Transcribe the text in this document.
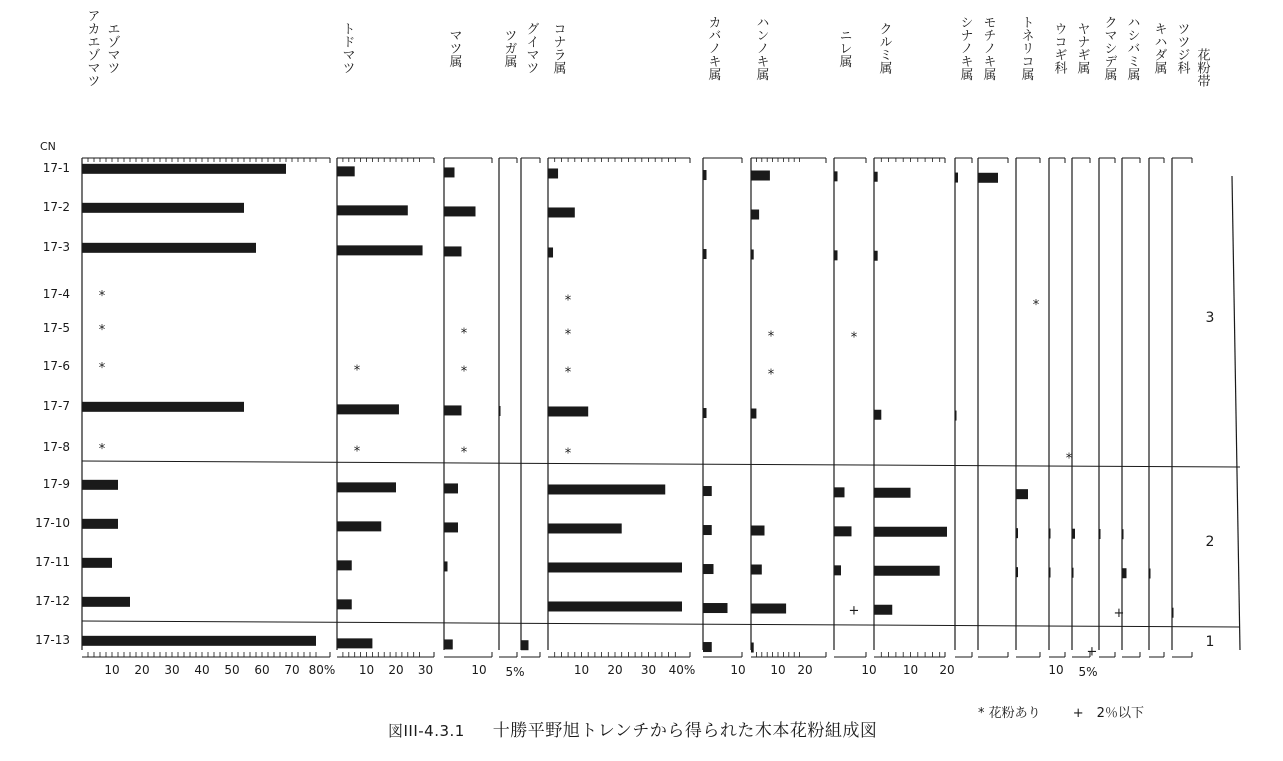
CN
17-1
17-2
17-3
17-4
17-5
17-6
17-7
17-8
17-9
17-10
17-11
17-12
17-13
10 20 30 40 50 60 70 80%
エゾマツ
アカエゾマツ
*
*
*
*
10 20 30
トドマツ
*
*
10
マツ属
*
*
*
ツガ属 グイマツ
10 20 30 40%
コナラ属
*
*
*
*
10
カバノキ属
10 20
ハンノキ属
*
*
10
ニレ属
*
+
10 20
クルミ属	シナノキ属 モチノキ属
10
トネリコ属
*
ウコギ科
*
ヤナギ属
+
クマシデ属
+
ハシバミ属 キハダ属 ツツジ科
5%	5%
花粉帯
3
2
1
* 花粉あり +　2％以下
図III-4.3.1 十勝平野旭トレンチから得られた木本花粉組成図
